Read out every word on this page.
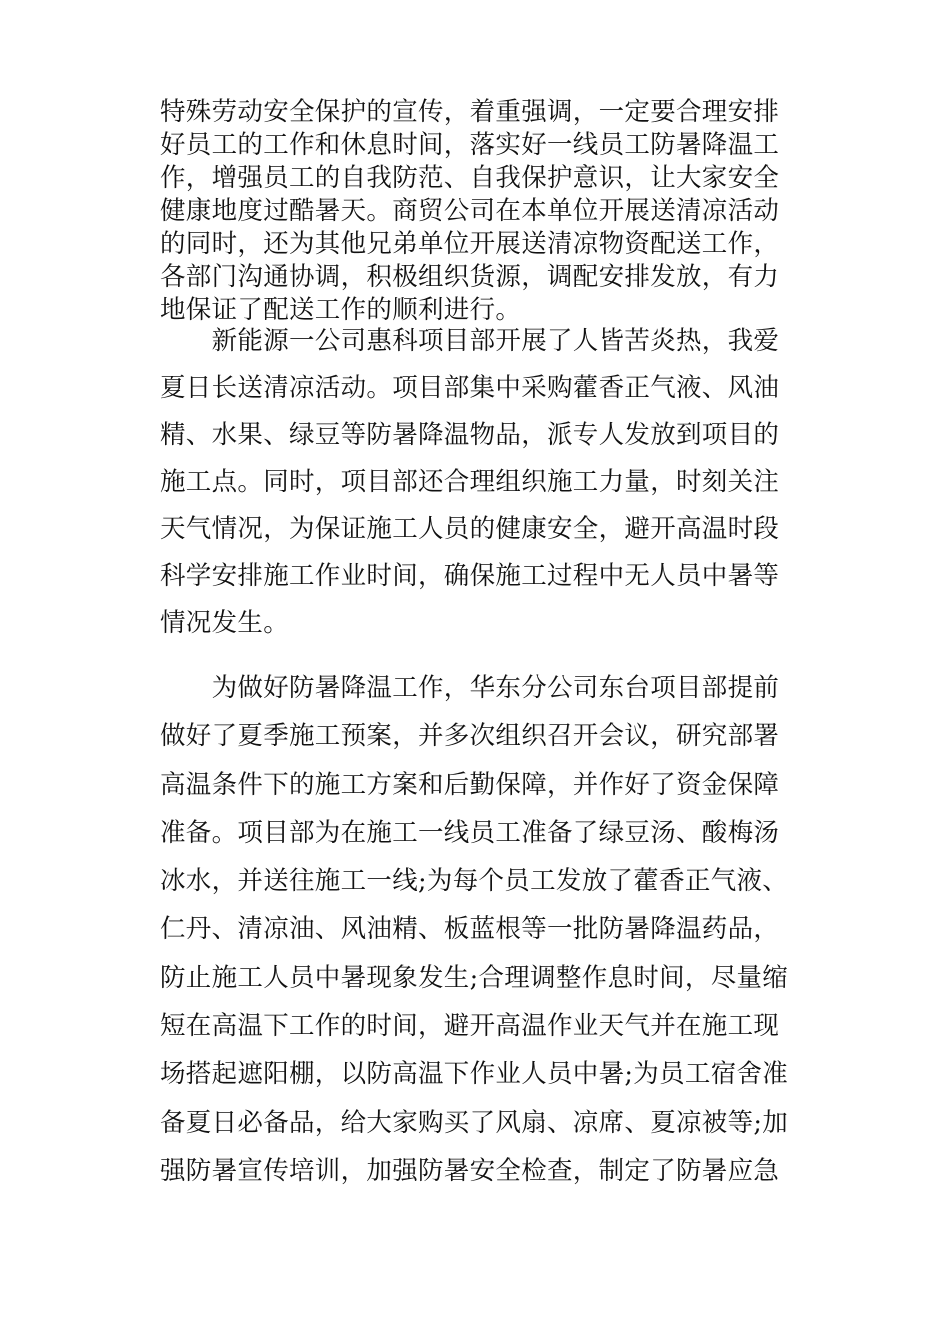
特殊劳动安全保护的宣传，着重强调，一定要合理安排
好员工的工作和休息时间，落实好一线员工防暑降温工
作，增强员工的自我防范、自我保护意识，让大家安全
健康地度过酷暑天。商贸公司在本单位开展送清凉活动
的同时，还为其他兄弟单位开展送清凉物资配送工作，
各部门沟通协调，积极组织货源，调配安排发放，有力
地保证了配送工作的顺利进行。
　　新能源一公司惠科项目部开展了人皆苦炎热，我爱
夏日长送清凉活动。项目部集中采购藿香正气液、风油
精、水果、绿豆等防暑降温物品，派专人发放到项目的
施工点。同时，项目部还合理组织施工力量，时刻关注
天气情况，为保证施工人员的健康安全，避开高温时段
科学安排施工作业时间，确保施工过程中无人员中暑等
情况发生。
　　为做好防暑降温工作，华东分公司东台项目部提前
做好了夏季施工预案，并多次组织召开会议，研究部署
高温条件下的施工方案和后勤保障，并作好了资金保障
准备。项目部为在施工一线员工准备了绿豆汤、酸梅汤
冰水，并送往施工一线;为每个员工发放了藿香正气液、
仁丹、清凉油、风油精、板蓝根等一批防暑降温药品，
防止施工人员中暑现象发生;合理调整作息时间，尽量缩
短在高温下工作的时间，避开高温作业天气并在施工现
场搭起遮阳棚，以防高温下作业人员中暑;为员工宿舍准
备夏日必备品，给大家购买了风扇、凉席、夏凉被等;加
强防暑宣传培训，加强防暑安全检查，制定了防暑应急
